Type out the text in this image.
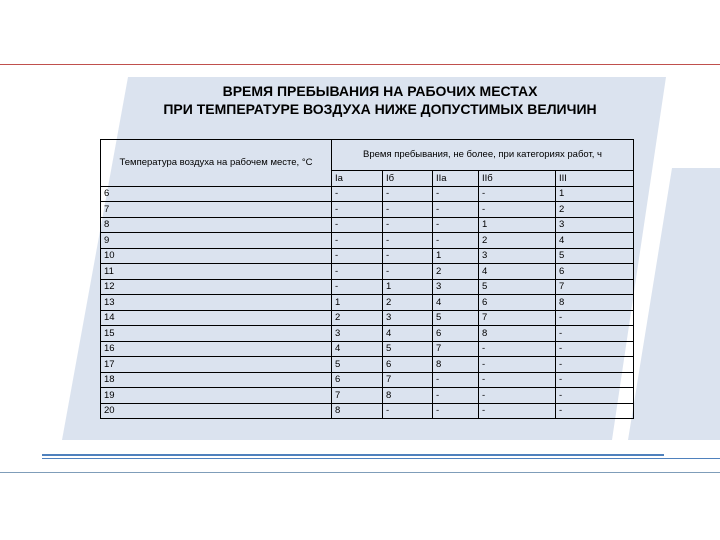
ВРЕМЯ ПРЕБЫВАНИЯ НА РАБОЧИХ МЕСТАХ
ПРИ ТЕМПЕРАТУРЕ ВОЗДУХА НИЖЕ ДОПУСТИМЫХ ВЕЛИЧИН
Температура воздуха на рабочем месте, °С	Время пребывания, не более, при категориях работ, ч				
	Iа	Iб	IIа	IIб	III
6	-	-	-	-	1
7	-	-	-	-	2
8	-	-	-	1	3
9	-	-	-	2	4
10	-	-	1	3	5
11	-	-	2	4	6
12	-	1	3	5	7
13	1	2	4	6	8
14	2	3	5	7	-
15	3	4	6	8	-
16	4	5	7	-	-
17	5	6	8	-	-
18	6	7	-	-	-
19	7	8	-	-	-
20	8	-	-	-	-
